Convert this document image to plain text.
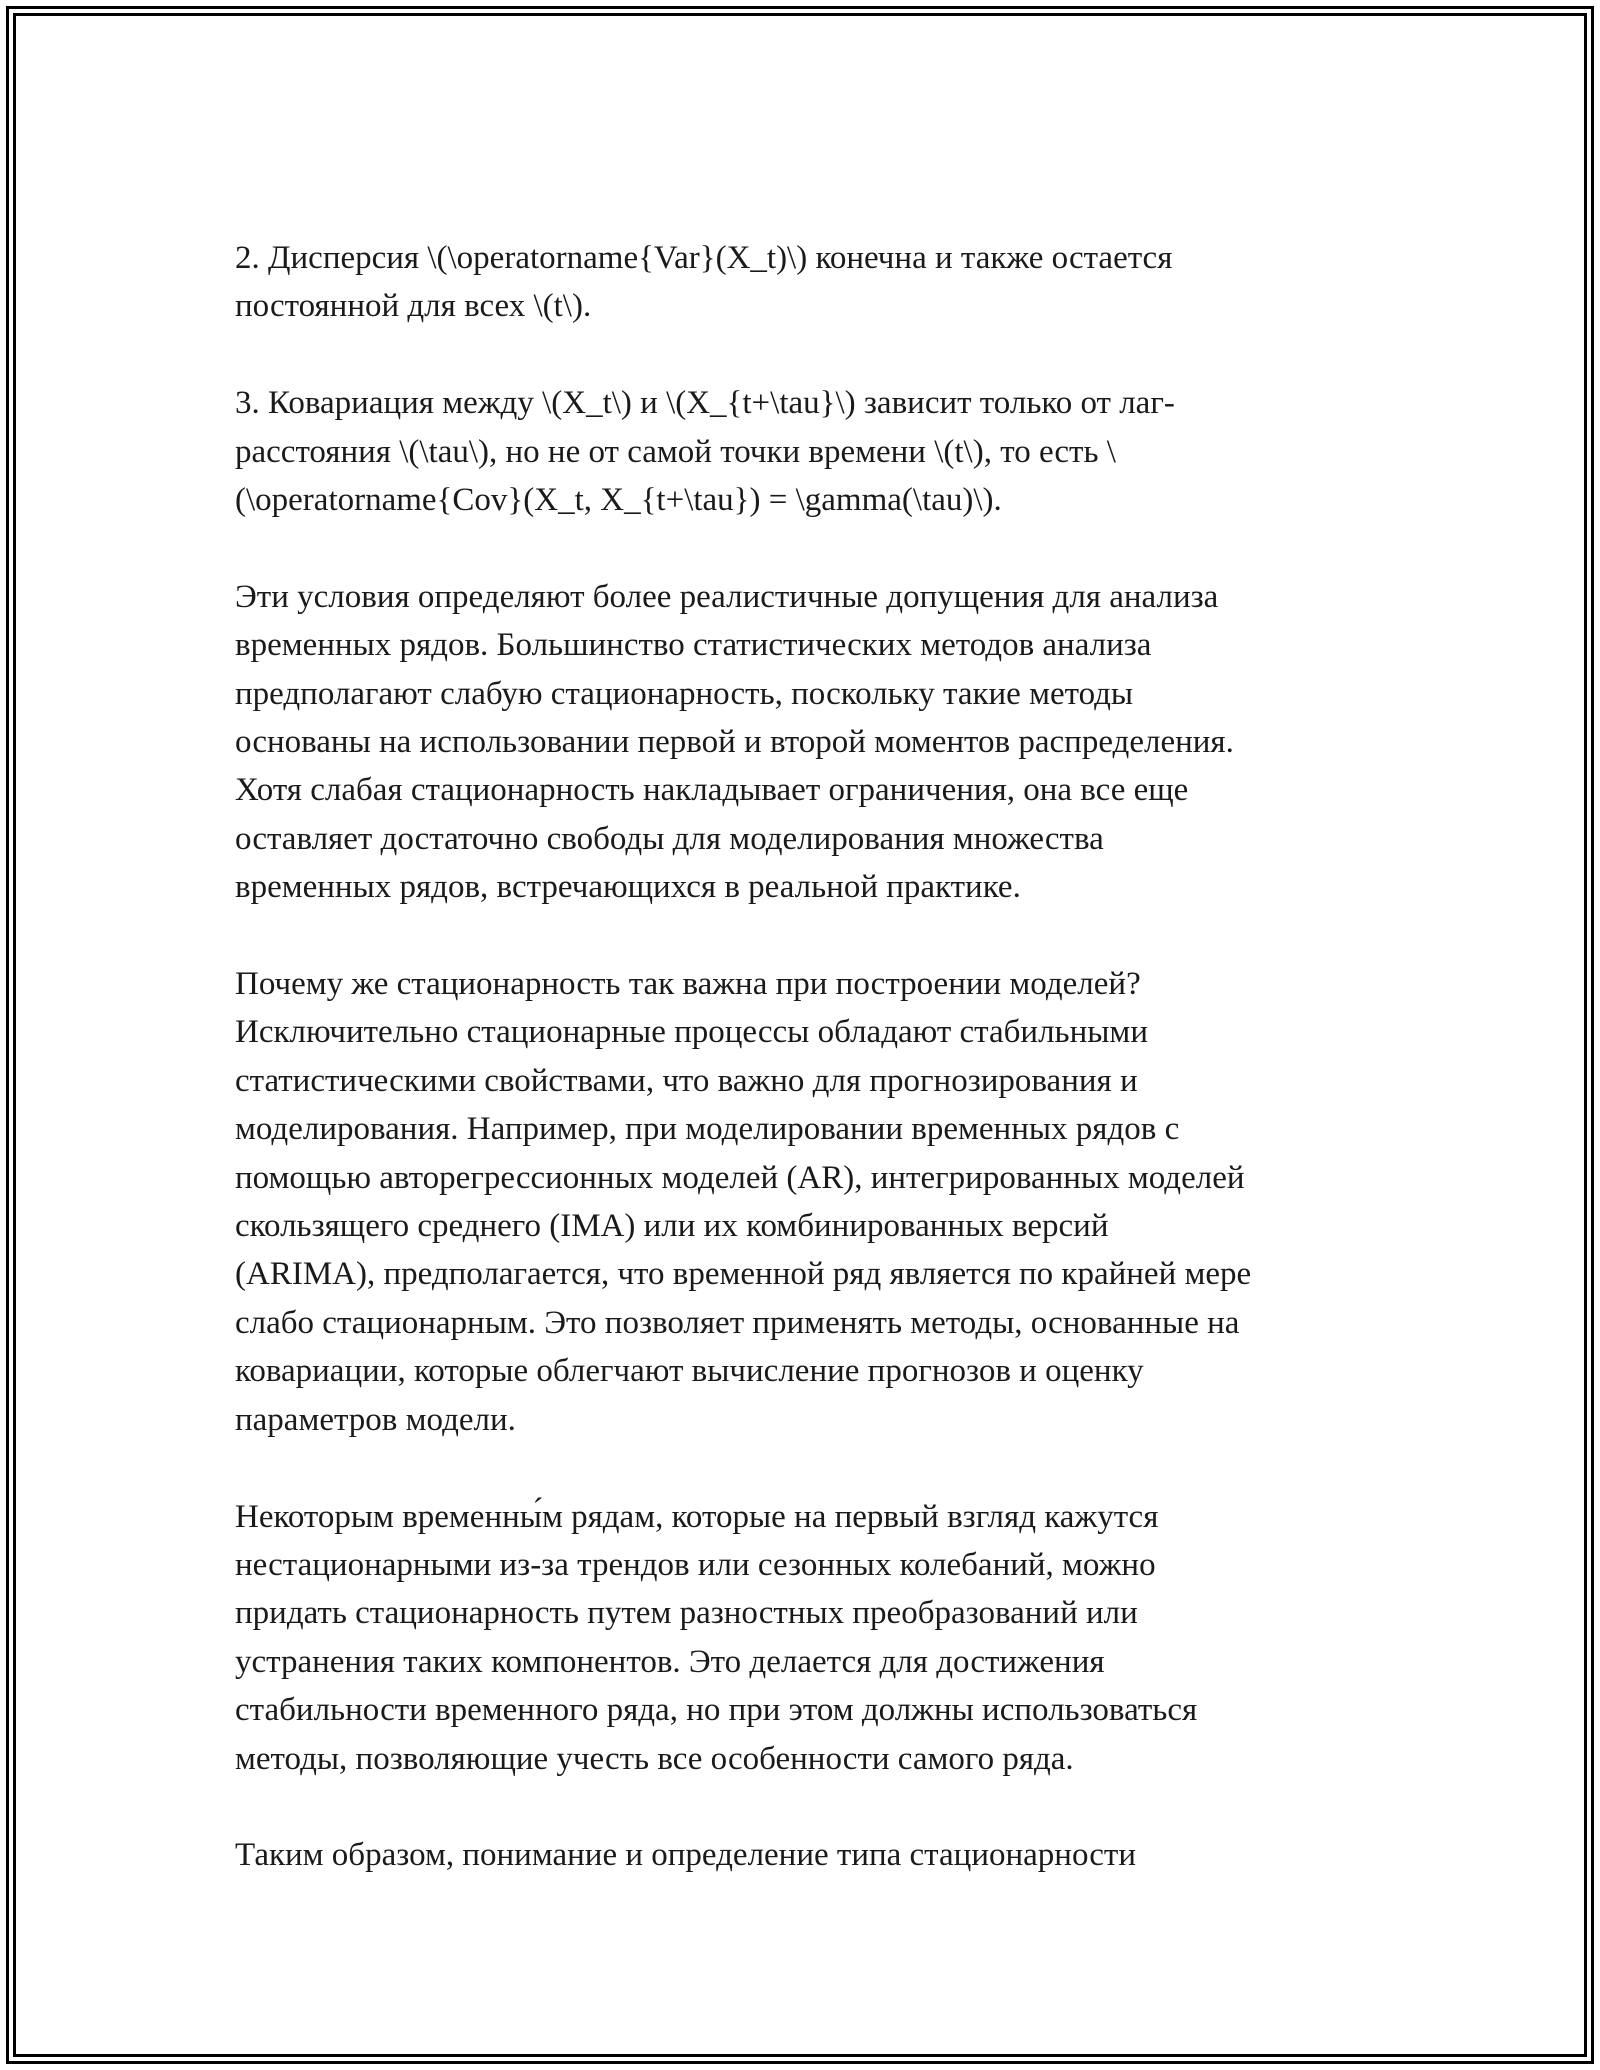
2. Дисперсия \(\operatorname{Var}(X_t)\) конечна и также остается
постоянной для всех \(t\).

3. Ковариация между \(X_t\) и \(X_{t+\tau}\) зависит только от лаг-
расстояния \(\tau\), но не от самой точки времени \(t\), то есть \
(\operatorname{Cov}(X_t, X_{t+\tau}) = \gamma(\tau)\).

Эти условия определяют более реалистичные допущения для анализа
временных рядов. Большинство статистических методов анализа
предполагают слабую стационарность, поскольку такие методы
основаны на использовании первой и второй моментов распределения.
Хотя слабая стационарность накладывает ограничения, она все еще
оставляет достаточно свободы для моделирования множества
временных рядов, встречающихся в реальной практике.

Почему же стационарность так важна при построении моделей?
Исключительно стационарные процессы обладают стабильными
статистическими свойствами, что важно для прогнозирования и
моделирования. Например, при моделировании временных рядов с
помощью авторегрессионных моделей (AR), интегрированных моделей
скользящего среднего (IMA) или их комбинированных версий
(ARIMA), предполагается, что временной ряд является по крайней мере
слабо стационарным. Это позволяет применять методы, основанные на
ковариации, которые облегчают вычисление прогнозов и оценку
параметров модели.

Некоторым временны́м рядам, которые на первый взгляд кажутся
нестационарными из-за трендов или сезонных колебаний, можно
придать стационарность путем разностных преобразований или
устранения таких компонентов. Это делается для достижения
стабильности временного ряда, но при этом должны использоваться
методы, позволяющие учесть все особенности самого ряда.

Таким образом, понимание и определение типа стационарности
